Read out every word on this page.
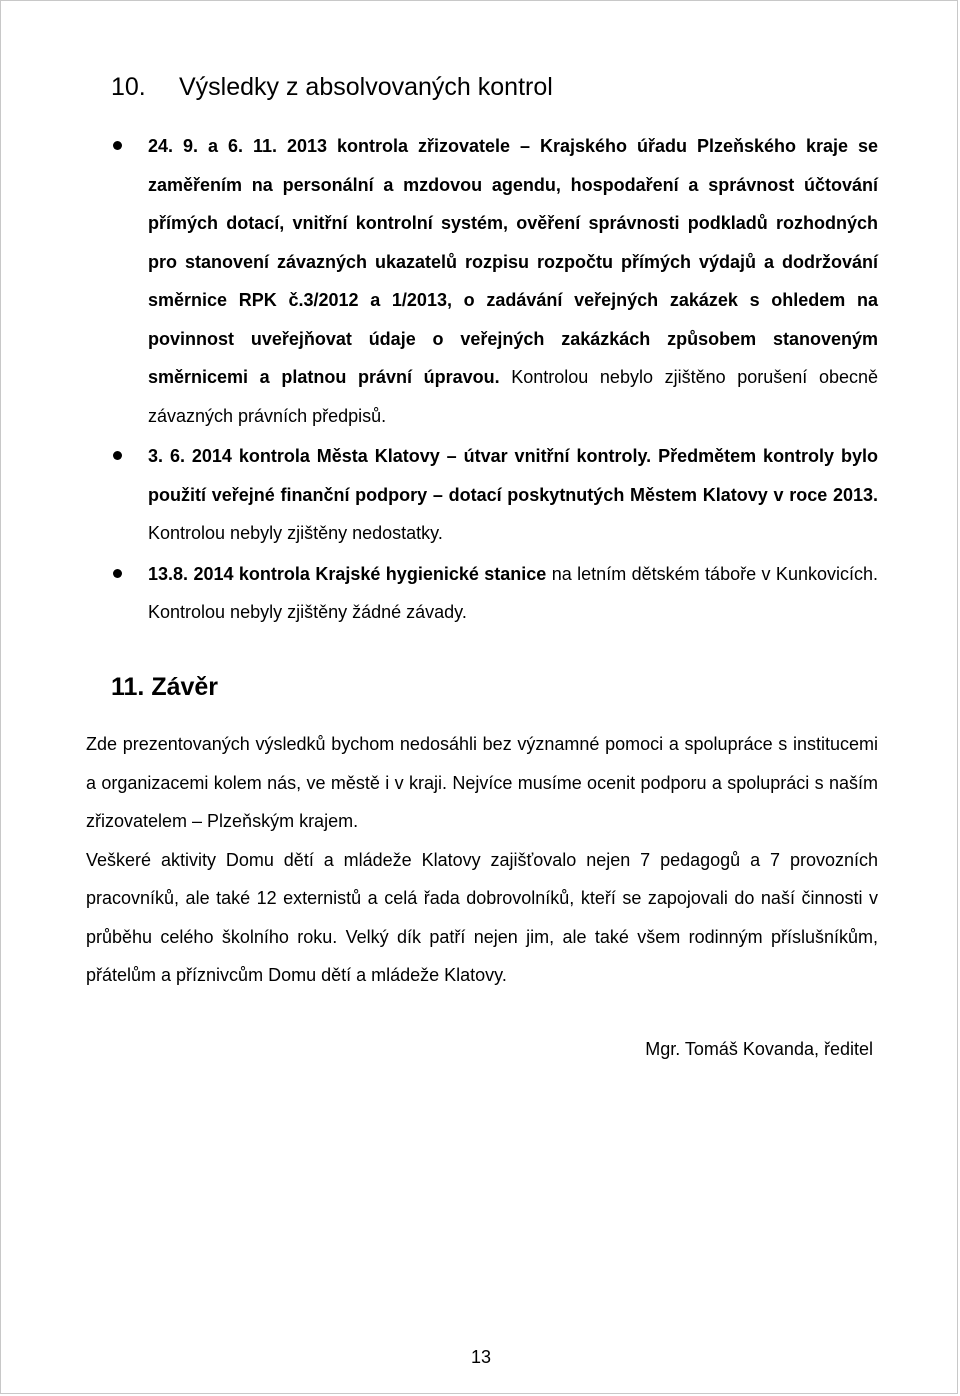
10. Výsledky z absolvovaných kontrol

24. 9. a 6. 11. 2013 kontrola zřizovatele – Krajského úřadu Plzeňského kraje se zaměřením na personální a mzdovou agendu, hospodaření a správnost účtování přímých dotací, vnitřní kontrolní systém, ověření správnosti podkladů rozhodných pro stanovení závazných ukazatelů rozpisu rozpočtu přímých výdajů a dodržování směrnice RPK č.3/2012 a 1/2013, o zadávání veřejných zakázek s ohledem na povinnost uveřejňovat údaje o veřejných zakázkách způsobem stanoveným směrnicemi a platnou právní úpravou. Kontrolou nebylo zjištěno porušení obecně závazných právních předpisů.

3. 6. 2014 kontrola Města Klatovy – útvar vnitřní kontroly. Předmětem kontroly bylo použití veřejné finanční podpory – dotací poskytnutých Městem Klatovy v roce 2013. Kontrolou nebyly zjištěny nedostatky.

13.8. 2014 kontrola Krajské hygienické stanice na letním dětském táboře v Kunkovicích. Kontrolou nebyly zjištěny žádné závady.

11. Závěr

Zde prezentovaných výsledků bychom nedosáhli bez významné pomoci a spolupráce s institucemi a organizacemi kolem nás, ve městě i v kraji. Nejvíce musíme ocenit podporu a spolupráci s naším zřizovatelem – Plzeňským krajem.

Veškeré aktivity Domu dětí a mládeže Klatovy zajišťovalo nejen 7 pedagogů a 7 provozních pracovníků, ale také 12 externistů a celá řada dobrovolníků, kteří se zapojovali do naší činnosti v průběhu celého školního roku. Velký dík patří nejen jim, ale také všem rodinným příslušníkům, přátelům a příznivcům Domu dětí a mládeže Klatovy.

Mgr. Tomáš Kovanda, ředitel
13
